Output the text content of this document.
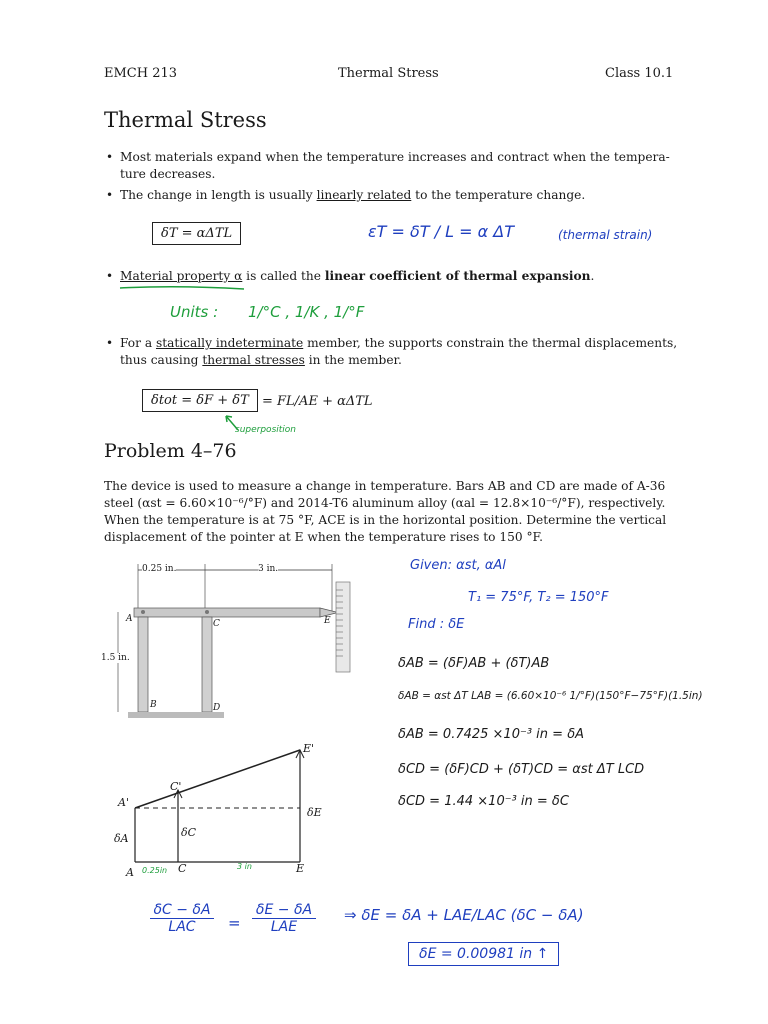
EMCH 213	Thermal Stress	Class 10.1
Thermal Stress
• Most materials expand when the temperature increases and contract when the tempera-
ture decreases.
• The change in length is usually linearly related to the temperature change.
δT = αΔTL	εT = δT / L = α ΔT	(thermal strain)
• Material property α is called the linear coefficient of thermal expansion.
Units : 1/°C , 1/K , 1/°F
• For a statically indeterminate member, the supports constrain the thermal displacements,
thus causing thermal stresses in the member.
δtot = δF + δT	= FL/AE + αΔTL
superposition
Problem 4–76
The device is used to measure a change in temperature. Bars AB and CD are made of A-36
steel (αst = 6.60×10⁻⁶/°F) and 2014-T6 aluminum alloy (αal = 12.8×10⁻⁶/°F), respectively.
When the temperature is at 75 °F, ACE is in the horizontal position. Determine the vertical
displacement of the pointer at E when the temperature rises to 150 °F.
0.25 in.	3 in.
1.5 in.
A
B
C
D
E
Given: αst, αAl
T₁ = 75°F, T₂ = 150°F
Find : δE
δAB = (δF)AB + (δT)AB
δAB = αst ΔT LAB = (6.60×10⁻⁶ 1/°F)(150°F−75°F)(1.5in)
δAB = 0.7425 ×10⁻³ in = δA
δCD = (δF)CD + (δT)CD = αst ΔT LCD
δCD = 1.44 ×10⁻³ in = δC
A'
C'
E'
δA	δC
δE
A	C	E
0.25in	3 in
δC − δA
LAC	=
δE − δA
LAE
⇒ δE = δA + LAE/LAC (δC − δA)
δE = 0.00981 in ↑
